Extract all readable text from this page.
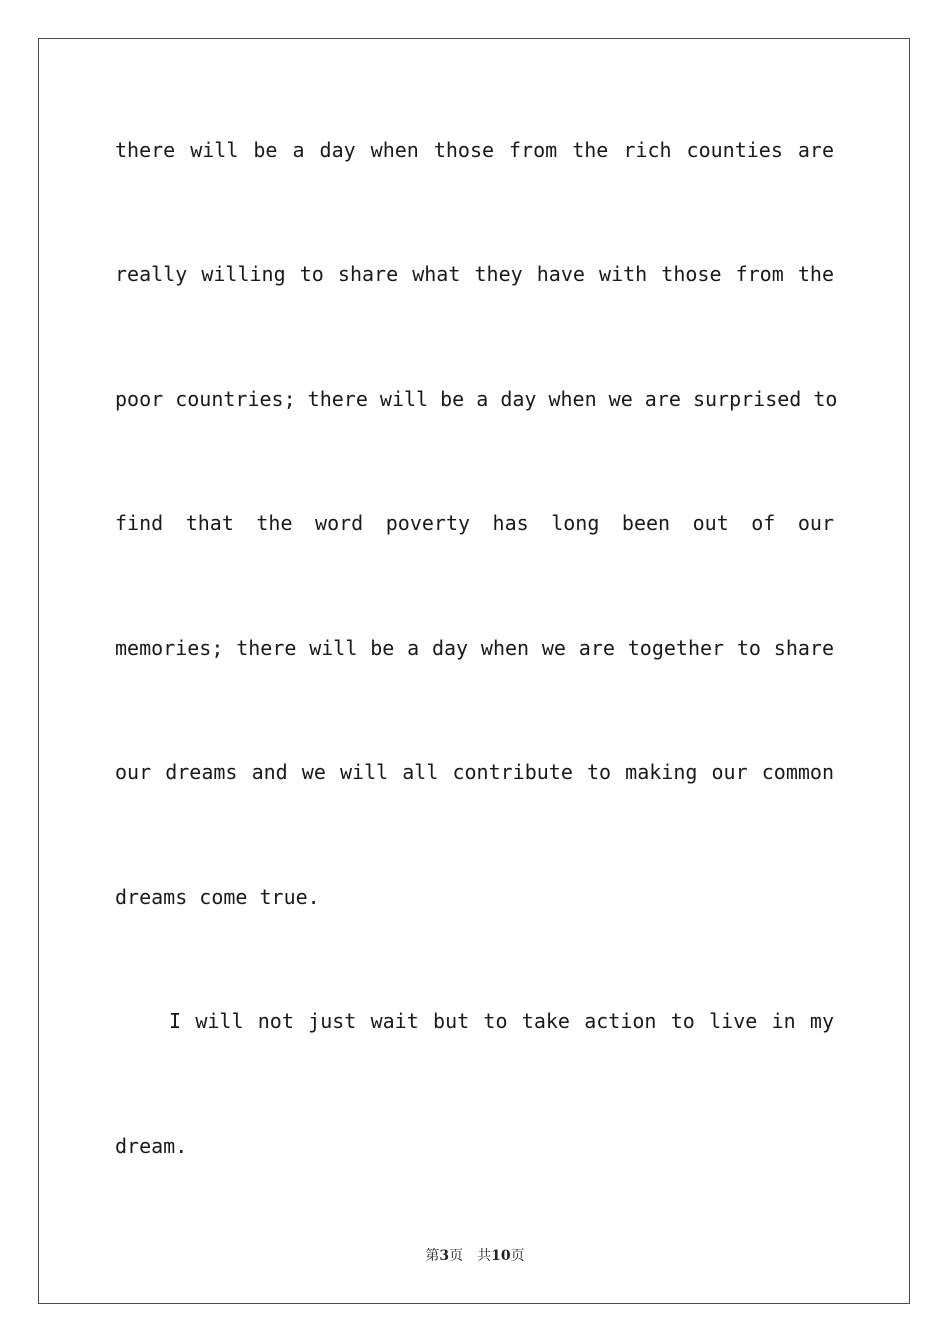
there will be a day when those from the rich counties are
really willing to share what they have with those from the
poor countries; there will be a day when we are surprised to
find that the word poverty has long been out of our
memories; there will be a day when we are together to share
our dreams and we will all contribute to making our common
dreams come true.
I will not just wait but to take action to live in my
dream.
第3页 共10页
